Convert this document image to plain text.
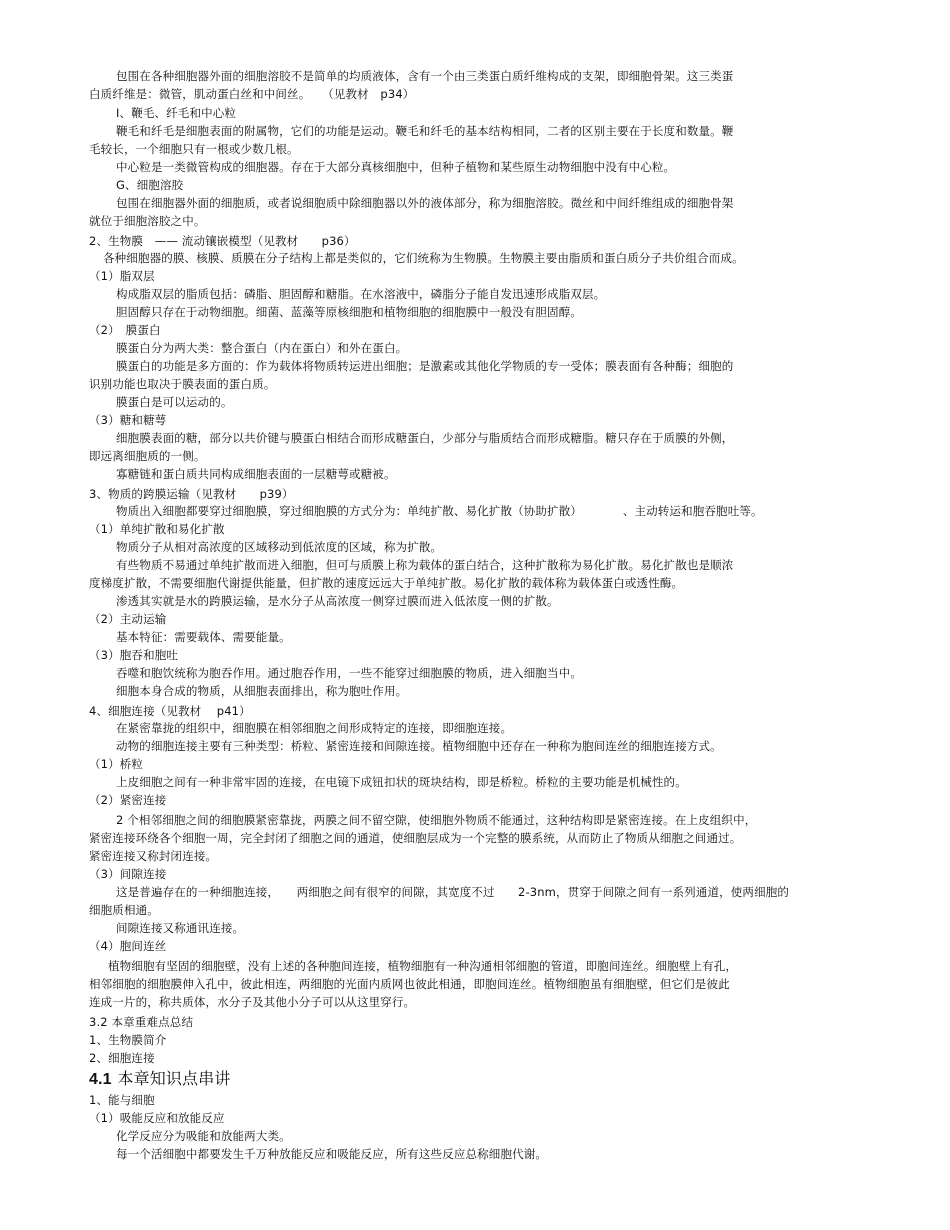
包围在各种细胞器外面的细胞溶胶不是简单的均质液体，含有一个由三类蛋白质纤维构成的支架，即细胞骨架。这三类蛋
白质纤维是：微管，肌动蛋白丝和中间丝。　　（见教材　p34）
I、鞭毛、纤毛和中心粒
鞭毛和纤毛是细胞表面的附属物，它们的功能是运动。鞭毛和纤毛的基本结构相同，二者的区别主要在于长度和数量。鞭
毛较长，一个细胞只有一根或少数几根。
中心粒是一类微管构成的细胞器。存在于大部分真核细胞中，但种子植物和某些原生动物细胞中没有中心粒。
G、细胞溶胶
包围在细胞器外面的细胞质，或者说细胞质中除细胞器以外的液体部分，称为细胞溶胶。微丝和中间纤维组成的细胞骨架
就位于细胞溶胶之中。
2、生物膜　—— 流动镶嵌模型（见教材　　p36）
各种细胞器的膜、核膜、质膜在分子结构上都是类似的，它们统称为生物膜。生物膜主要由脂质和蛋白质分子共价组合而成。
（1）脂双层
构成脂双层的脂质包括：磷脂、胆固醇和糖脂。在水溶液中，磷脂分子能自发迅速形成脂双层。
胆固醇只存在于动物细胞。细菌、蓝藻等原核细胞和植物细胞的细胞膜中一般没有胆固醇。
（2）　膜蛋白
膜蛋白分为两大类：整合蛋白（内在蛋白）和外在蛋白。
膜蛋白的功能是多方面的：作为载体将物质转运进出细胞；是激素或其他化学物质的专一受体；膜表面有各种酶；细胞的
识别功能也取决于膜表面的蛋白质。
膜蛋白是可以运动的。
（3）糖和糖萼
细胞膜表面的糖，部分以共价键与膜蛋白相结合而形成糖蛋白，少部分与脂质结合而形成糖脂。糖只存在于质膜的外侧，
即远离细胞质的一侧。
寡糖链和蛋白质共同构成细胞表面的一层糖萼或糖被。
3、物质的跨膜运输（见教材　　p39）
物质出入细胞都要穿过细胞膜，穿过细胞膜的方式分为：单纯扩散、易化扩散（协助扩散）　　　　、主动转运和胞吞胞吐等。
（1）单纯扩散和易化扩散
物质分子从相对高浓度的区域移动到低浓度的区域，称为扩散。
有些物质不易通过单纯扩散而进入细胞，但可与质膜上称为载体的蛋白结合，这种扩散称为易化扩散。易化扩散也是顺浓
度梯度扩散，不需要细胞代谢提供能量，但扩散的速度远远大于单纯扩散。易化扩散的载体称为载体蛋白或透性酶。
渗透其实就是水的跨膜运输，是水分子从高浓度一侧穿过膜而进入低浓度一侧的扩散。
（2）主动运输
基本特征：需要载体、需要能量。
（3）胞吞和胞吐
吞噬和胞饮统称为胞吞作用。通过胞吞作用，一些不能穿过细胞膜的物质，进入细胞当中。
细胞本身合成的物质，从细胞表面排出，称为胞吐作用。
4、细胞连接（见教材　 p41）
在紧密靠拢的组织中，细胞膜在相邻细胞之间形成特定的连接，即细胞连接。
动物的细胞连接主要有三种类型：桥粒、紧密连接和间隙连接。植物细胞中还存在一种称为胞间连丝的细胞连接方式。
（1）桥粒
上皮细胞之间有一种非常牢固的连接，在电镜下成钮扣状的斑块结构，即是桥粒。桥粒的主要功能是机械性的。
（2）紧密连接
2 个相邻细胞之间的细胞膜紧密靠拢，两膜之间不留空隙，使细胞外物质不能通过，这种结构即是紧密连接。在上皮组织中，
紧密连接环绕各个细胞一周，完全封闭了细胞之间的通道，使细胞层成为一个完整的膜系统，从而防止了物质从细胞之间通过。
紧密连接又称封闭连接。
（3）间隙连接
这是普遍存在的一种细胞连接，　　两细胞之间有很窄的间隙，其宽度不过　　2-3nm，贯穿于间隙之间有一系列通道，使两细胞的
细胞质相通。
间隙连接又称通讯连接。
（4）胞间连丝
植物细胞有坚固的细胞壁，没有上述的各种胞间连接，植物细胞有一种沟通相邻细胞的管道，即胞间连丝。细胞壁上有孔，
相邻细胞的细胞膜伸入孔中，彼此相连，两细胞的光面内质网也彼此相通，即胞间连丝。植物细胞虽有细胞壁，但它们是彼此
连成一片的，称共质体，水分子及其他小分子可以从这里穿行。
3.2 本章重难点总结
1、生物膜简介
2、细胞连接
4.1 本章知识点串讲
1、能与细胞
（1）吸能反应和放能反应
化学反应分为吸能和放能两大类。
每一个活细胞中都要发生千万种放能反应和吸能反应，所有这些反应总称细胞代谢。
